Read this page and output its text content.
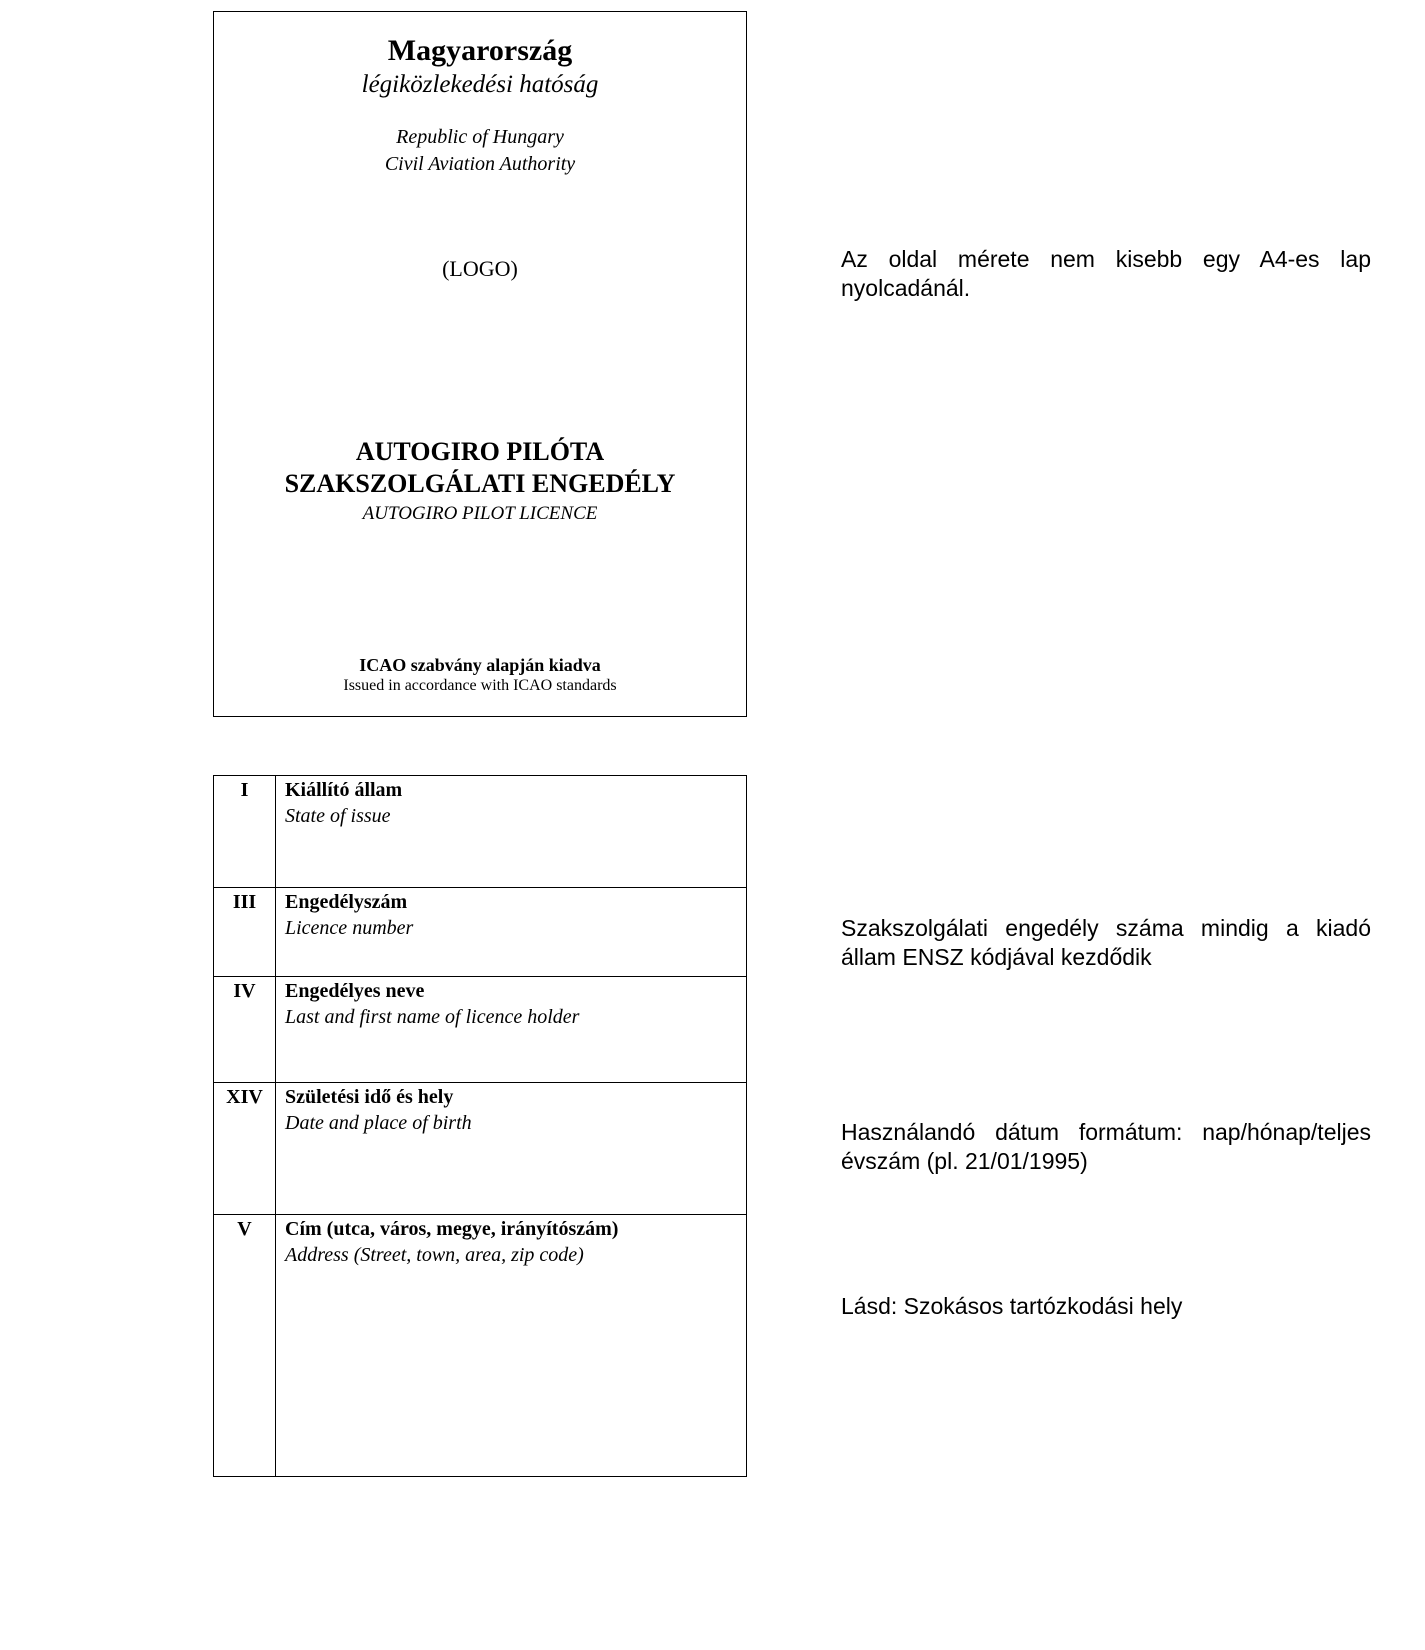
Magyarország
légiközlekedési hatóság
Republic of Hungary
Civil Aviation Authority
(LOGO)
AUTOGIRO PILÓTA
SZAKSZOLGÁLATI ENGEDÉLY
AUTOGIRO PILOT LICENCE
ICAO szabvány alapján kiadva
Issued in accordance with ICAO standards
I	Kiállító állam
State of issue

III	Engedélyszám
Licence number

IV	Engedélyes neve
Last and first name of licence holder

XIV	Születési idő és hely
Date and place of birth

V	Cím (utca, város, megye, irányítószám)
Address (Street, town, area, zip code)
Az oldal mérete nem kisebb egy A4-es lap nyolcadánál.
Szakszolgálati engedély száma mindig a kiadó állam ENSZ kódjával kezdődik
Használandó dátum formátum: nap/hónap/teljes évszám (pl. 21/01/1995)
Lásd: Szokásos tartózkodási hely
